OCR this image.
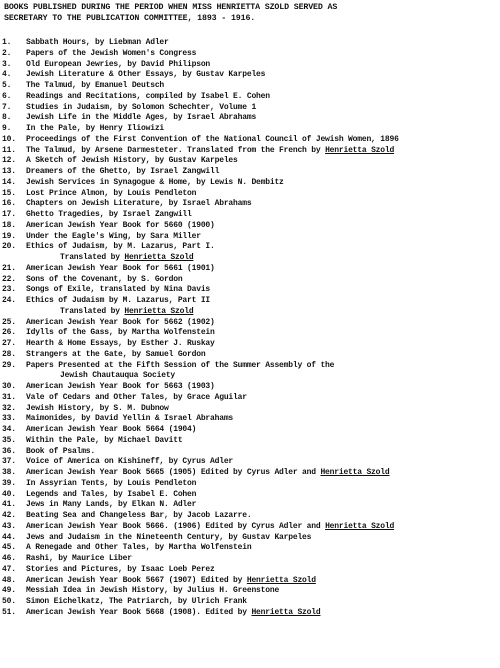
BOOKS PUBLISHED DURING THE PERIOD WHEN MISS HENRIETTA SZOLD SERVED AS
SECRETARY TO THE PUBLICATION COMMITTEE, 1893 - 1916.
1.	Sabbath Hours, by Liebman Adler
2.	Papers of the Jewish Women's Congress
3.	Old European Jewries, by David Philipson
4.	Jewish Literature & Other Essays, by Gustav Karpeles
5.	The Talmud, by Emanuel Deutsch
6.	Readings and Recitations, compiled by Isabel E. Cohen
7.	Studies in Judaism, by Solomon Schechter, Volume 1
8.	Jewish Life in the Middle Ages, by Israel Abrahams
9.	In the Pale, by Henry Iliowizi
10.	Proceedings of the First Convention of the National Council of Jewish Women, 1896
11.	The Talmud, by Arsene Darmesteter. Translated from the French by Henrietta Szold
12.	A Sketch of Jewish History, by Gustav Karpeles
13.	Dreamers of the Ghetto, by Israel Zangwill
14.	Jewish Services in Synagogue & Home, by Lewis N. Dembitz
15.	Lost Prince Almon, by Louis Pendleton
16.	Chapters on Jewish Literature, by Israel Abrahams
17.	Ghetto Tragedies, by Israel Zangwill
18.	American Jewish Year Book for 5660 (1900)
19.	Under the Eagle's Wing, by Sara Miller
20.	Ethics of Judaism, by M. Lazarus, Part I.
Translated by Henrietta Szold
21.	American Jewish Year Book for 5661 (1901)
22.	Sons of the Covenant, by S. Gordon
23.	Songs of Exile, translated by Nina Davis
24.	Ethics of Judaism by M. Lazarus, Part II
Translated by Henrietta Szold
25.	American Jewish Year Book for 5662 (1902)
26.	Idylls of the Gass, by Martha Wolfenstein
27.	Hearth & Home Essays, by Esther J. Ruskay
28.	Strangers at the Gate, by Samuel Gordon
29.	Papers Presented at the Fifth Session of the Summer Assembly of the
Jewish Chautauqua Society
30.	American Jewish Year Book for 5663 (1903)
31.	Vale of Cedars and Other Tales, by Grace Aguilar
32.	Jewish History, by S. M. Dubnow
33.	Maimonides, by David Yellin & Israel Abrahams
34.	American Jewish Year Book 5664 (1904)
35.	Within the Pale, by Michael Davitt
36.	Book of Psalms.
37.	Voice of America on Kishineff, by Cyrus Adler
38.	American Jewish Year Book 5665 (1905) Edited by Cyrus Adler and Henrietta Szold
39.	In Assyrian Tents, by Louis Pendleton
40.	Legends and Tales, by Isabel E. Cohen
41.	Jews in Many Lands, by Elkan N. Adler
42.	Beating Sea and Changeless Bar, by Jacob Lazarre.
43.	American Jewish Year Book 5666. (1906) Edited by Cyrus Adler and Henrietta Szold
44.	Jews and Judaism in the Nineteenth Century, by Gustav Karpeles
45.	A Renegade and Other Tales, by Martha Wolfenstein
46.	Rashi, by Maurice Liber
47.	Stories and Pictures, by Isaac Loeb Perez
48.	American Jewish Year Book 5667 (1907) Edited by Henrietta Szold
49.	Messiah Idea in Jewish History, by Julius H. Greenstone
50.	Simon Eichelkatz, The Patriarch, by Ulrich Frank
51.	American Jewish Year Book 5668 (1908). Edited by Henrietta Szold
